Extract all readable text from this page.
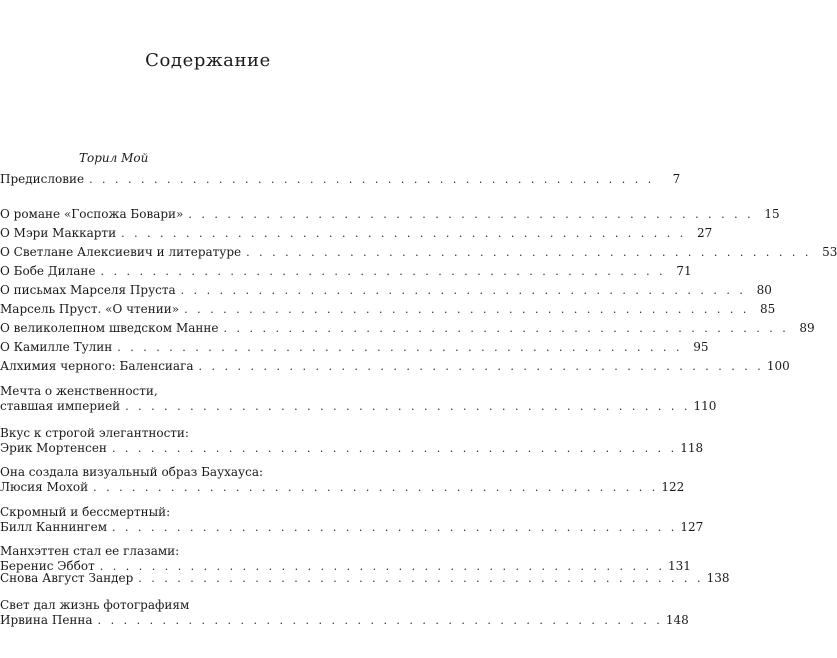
Содержание
Торил Мой
Предисловие . . . . . . . . . . . . . . . . . . . . . . . . . . . . . . . . . . . . . . . . . . . .	7
О романе «Госпожа Бовари» . . . . . . . . . . . . . . . . . . . . . . . . . . . . . . . . . . . . . . . . . . . . 15
О Мэри Маккарти . . . . . . . . . . . . . . . . . . . . . . . . . . . . . . . . . . . . . . . . . . . . 27
О Светлане Алексиевич и литературе . . . . . . . . . . . . . . . . . . . . . . . . . . . . . . . . . . . . . . . . . . . . 53
О Бобе Дилане . . . . . . . . . . . . . . . . . . . . . . . . . . . . . . . . . . . . . . . . . . . . 71
О письмах Марселя Пруста . . . . . . . . . . . . . . . . . . . . . . . . . . . . . . . . . . . . . . . . . . . . 80
Марсель Пруст. «О чтении» . . . . . . . . . . . . . . . . . . . . . . . . . . . . . . . . . . . . . . . . . . . . 85
О великолепном шведском Манне . . . . . . . . . . . . . . . . . . . . . . . . . . . . . . . . . . . . . . . . . . . . 89
О Камилле Тулин . . . . . . . . . . . . . . . . . . . . . . . . . . . . . . . . . . . . . . . . . . . . 95
Алхимия черного: Баленсиага . . . . . . . . . . . . . . . . . . . . . . . . . . . . . . . . . . . . . . . . . . . . 100
Мечта о женственности,
ставшая империей . . . . . . . . . . . . . . . . . . . . . . . . . . . . . . . . . . . . . . . . . . . . 110
Вкус к строгой элегантности:
Эрик Мортенсен . . . . . . . . . . . . . . . . . . . . . . . . . . . . . . . . . . . . . . . . . . . . 118
Она создала визуальный образ Баухауса:
Люсия Мохой . . . . . . . . . . . . . . . . . . . . . . . . . . . . . . . . . . . . . . . . . . . . 122
Скромный и бессмертный:
Билл Каннингем . . . . . . . . . . . . . . . . . . . . . . . . . . . . . . . . . . . . . . . . . . . . 127
Манхэттен стал ее глазами:
Беренис Эббот . . . . . . . . . . . . . . . . . . . . . . . . . . . . . . . . . . . . . . . . . . . . 131
Снова Август Зандер . . . . . . . . . . . . . . . . . . . . . . . . . . . . . . . . . . . . . . . . . . . . 138
Свет дал жизнь фотографиям
Ирвина Пенна . . . . . . . . . . . . . . . . . . . . . . . . . . . . . . . . . . . . . . . . . . . . 148
